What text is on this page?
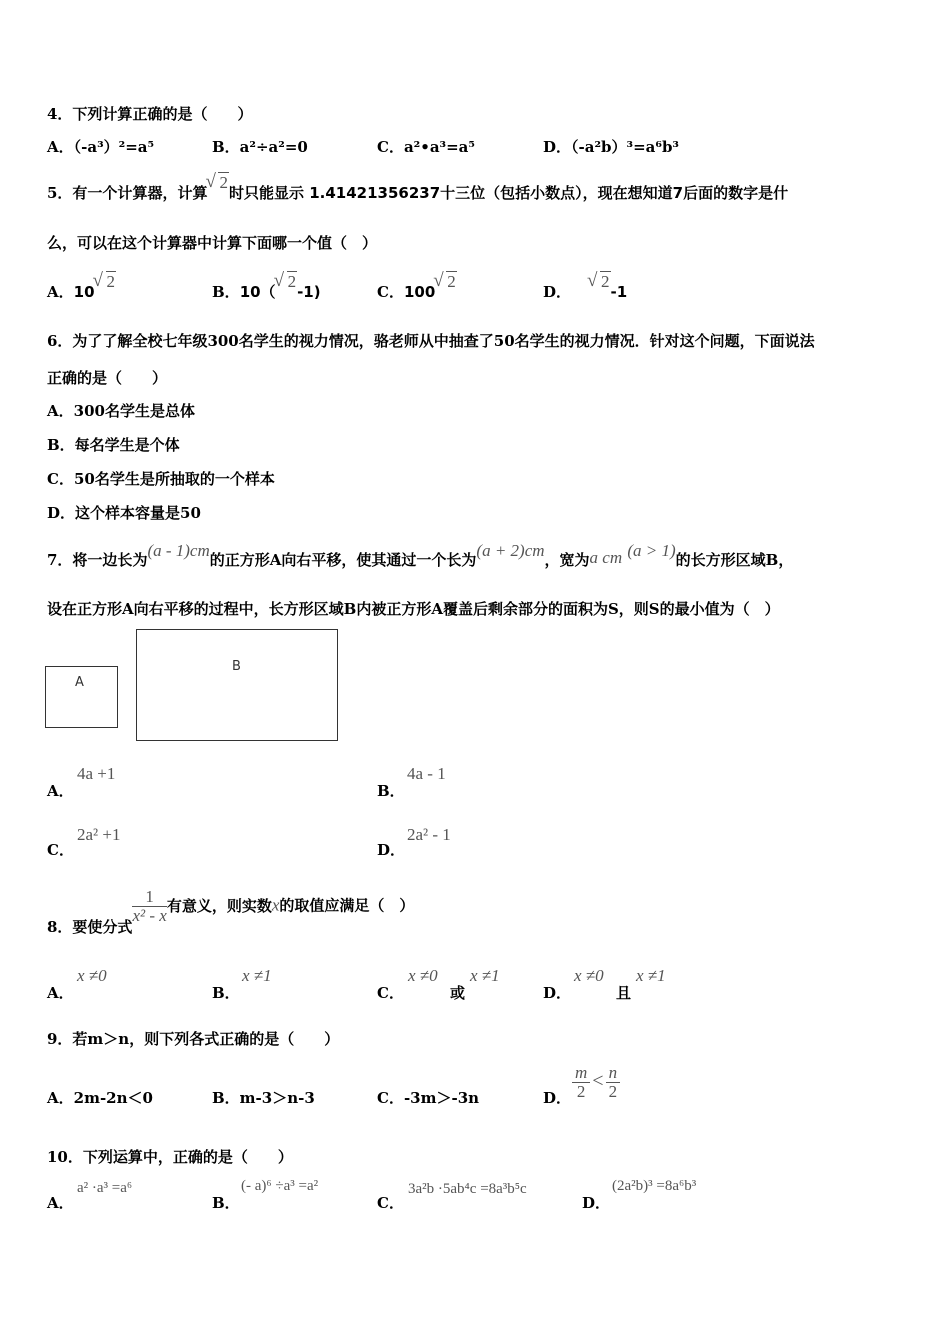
4．下列计算正确的是（　　）
A．（-a³）²=a⁵	B．a²÷a²=0	C．a²•a³=a⁵	D．（-a²b）³=a⁶b³
5．有一个计算器，计算√ 2时只能显示 1.41421356237十三位（包括小数点），现在想知道7后面的数字是什
么，可以在这个计算器中计算下面哪一个值（　）
A．10√ 2
B．10（√ 2-1)	C．100√ 2
D．√ 2-1
6．为了了解全校七年级300名学生的视力情况，骆老师从中抽查了50名学生的视力情况．针对这个问题，下面说法
正确的是（　　）
A．300名学生是总体
B．每名学生是个体
C．50名学生是所抽取的一个样本
D．这个样本容量是50
7．将一边长为(a - 1)cm的正方形A向右平移，使其通过一个长为(a + 2)cm，宽为a cm (a > 1)的长方形区域B，
设在正方形A向右平移的过程中，长方形区域B内被正方形A覆盖后剩余部分的面积为S，则S的最小值为（　）
A
B
A．
4a +1
B．
4a - 1
C．
2a² +1
D．
2a² - 1
8．要使分式
$\frac{1}{\text{x² - x}}$ 有意义，则实数x的取值应满足（　）
A．
x ≠0
B．
x ≠1
C．
x ≠0
或
x ≠1
D．
x ≠0
且
x ≠1
9．若m＞n，则下列各式正确的是（　　）
A．2m-2n＜0	B．m-3＞n-3	C．-3m＞-3n	D． $\frac{m}{2} < \frac{n}{2}$
10．下列运算中，正确的是（　　）
A．
a² ·a³ =a⁶
B．
(- a)⁶ ÷a³ =a²
C．
3a²b ·5ab⁴c =8a³b⁵c
D．
(2a²b)³ =8a⁶b³
